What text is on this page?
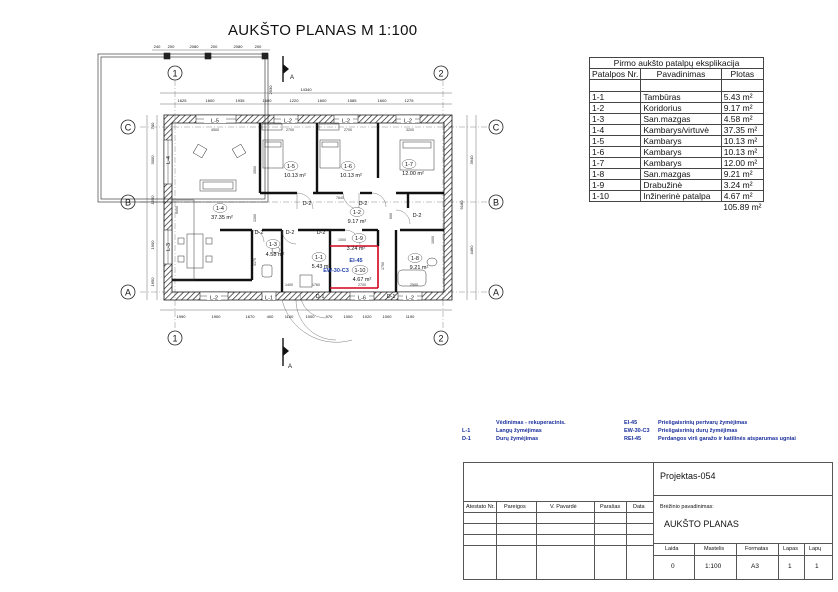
AUKŠTO PLANAS M 1:100
1	2
1	2
C
B
A
C
B
A
A
A
240 200	2080	200	2080	200
14340
1625	1600	1935	1600	1220	1600	1585	1600	1275
1990	1900	1670	400	1160	1000	970	1000	1020	1000	1190
740
3000
1550
1900
1650
3940
4460
9180
2930
L-5	L-2	L-2	L-2
L-4
L-3
L-2	L-1	L-6	L-2
D-2	D-2
D-2	D-2	D-2
D-2
D-1	D-1
EI-45
EW-30-C3
1-4
37.35 m²
1-5
10.13 m²
1-6
10.13 m²
1-7
12.00 m²
1-2
9.17 m²
1-9
3.24 m²
1-3
4.58 m²	1-1
5.43 m²
1-10
4.67 m²
1-8
9.21 m²
4500	2700	2700	3200
3500
7640
6000
1300
3170
1000
1760	2700
1750
2500
1400
1000
600
Pirmo aukšto patalpų eksplikacija		
Patalpos Nr.	Pavadinimas	Plotas

1-1	Tambūras	5.43 m²
1-2	Koridorius	9.17 m²
1-3	San.mazgas	4.58 m²
1-4	Kambarys/virtuvė	37.35 m²
1-5	Kambarys	10.13 m²
1-6	Kambarys	10.13 m²
1-7	Kambarys	12.00 m²
1-8	San.mazgas	9.21 m²
1-9	Drabužinė	3.24 m²
1-10	Inžinerinė patalpa	4.67 m²
		105.89 m²
Vėdinimas - rekuperacinis.
L-1	Langų žymėjimas
D-1	Durų žymėjimas
EI-45	Priešgaisrinių pertvarų žymėjimas
EW-30-C3 Priešgaisrinių durų žymėjimas
REI-45	Perdangos virš garažo ir katilinės atsparumas ugniai
Projektas-054
Atestato Nr. Pareigos	V. Pavardė	Parašas Data	Brėžinio pavadinimas:
AUKŠTO PLANAS
Laida	Mastelis	Formatas	Lapas Lapų
0	1:100	A3	1	1
